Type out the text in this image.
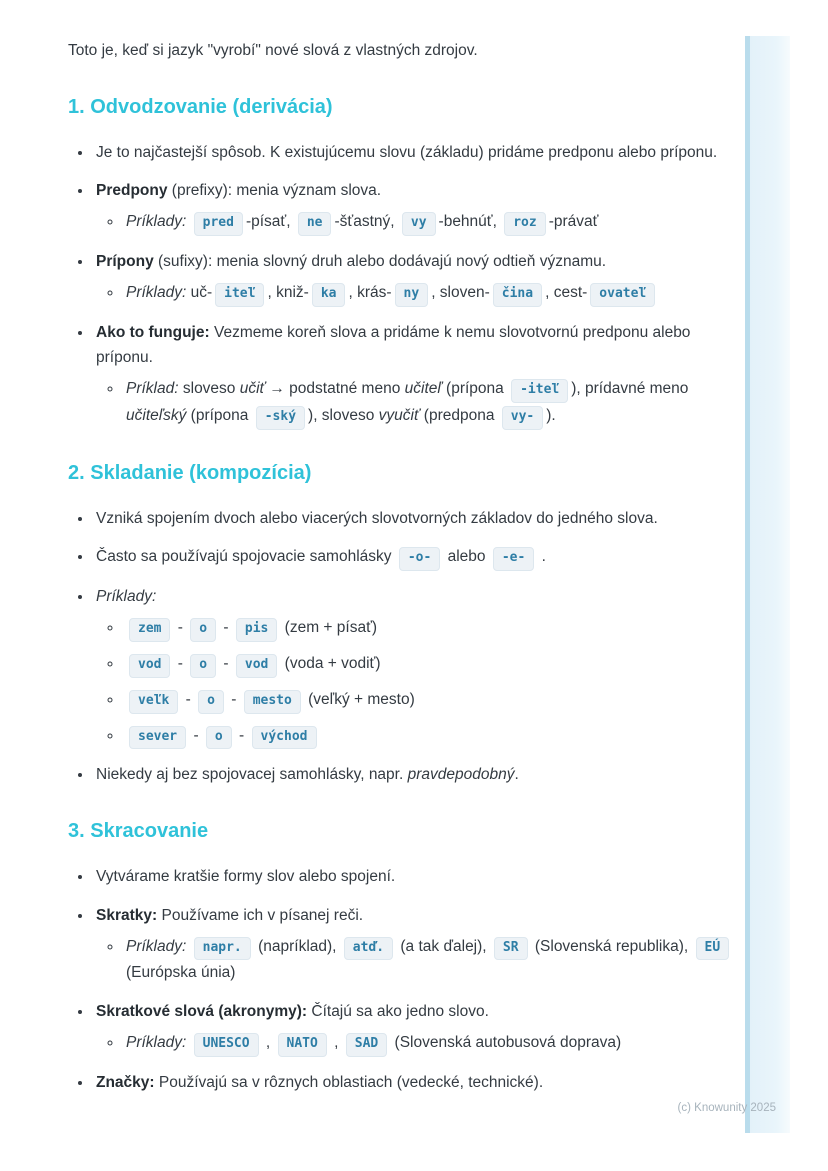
Toto je, keď si jazyk "vyrobí" nové slová z vlastných zdrojov.

1. Odvodzovanie (derivácia)
• Je to najčastejší spôsob. K existujúcemu slovu (základu) pridáme predponu alebo príponu.
• Predpony (prefixy): menia význam slova.
◦ Príklady: pred -písať, ne -šťastný, vy -behnúť, roz -právať
• Prípony (sufixy): menia slovný druh alebo dodávajú nový odtieň významu.
◦ Príklady: uč- iteľ , kniž- ka , krás- ny , sloven- čina , cest- ovateľ
• Ako to funguje: Vezmeme koreň slova a pridáme k nemu slovotvornú predponu alebo príponu.
◦ Príklad: sloveso učiť → podstatné meno učiteľ (prípona -iteľ ), prídavné meno učiteľský (prípona -ský ), sloveso vyučiť (predpona vy- ).
2. Skladanie (kompozícia)
• Vzniká spojením dvoch alebo viacerých slovotvorných základov do jedného slova.
• Často sa používajú spojovacie samohlásky -o- alebo -e- .
• Príklady:
◦ zem - o - pis (zem + písať)
◦ vod - o - vod (voda + vodiť)
◦ veľk - o - mesto (veľký + mesto)
◦ sever - o - východ
• Niekedy aj bez spojovacej samohlásky, napr. pravdepodobný.
3. Skracovanie
• Vytvárame kratšie formy slov alebo spojení.
• Skratky: Používame ich v písanej reči.
◦ Príklady: napr. (napríklad), atď. (a tak ďalej), SR (Slovenská republika), EÚ (Európska únia)
• Skratkové slová (akronymy): Čítajú sa ako jedno slovo.
◦ Príklady: UNESCO , NATO , SAD (Slovenská autobusová doprava)
• Značky: Používajú sa v rôznych oblastiach (vedecké, technické).
(c) Knowunity 2025
